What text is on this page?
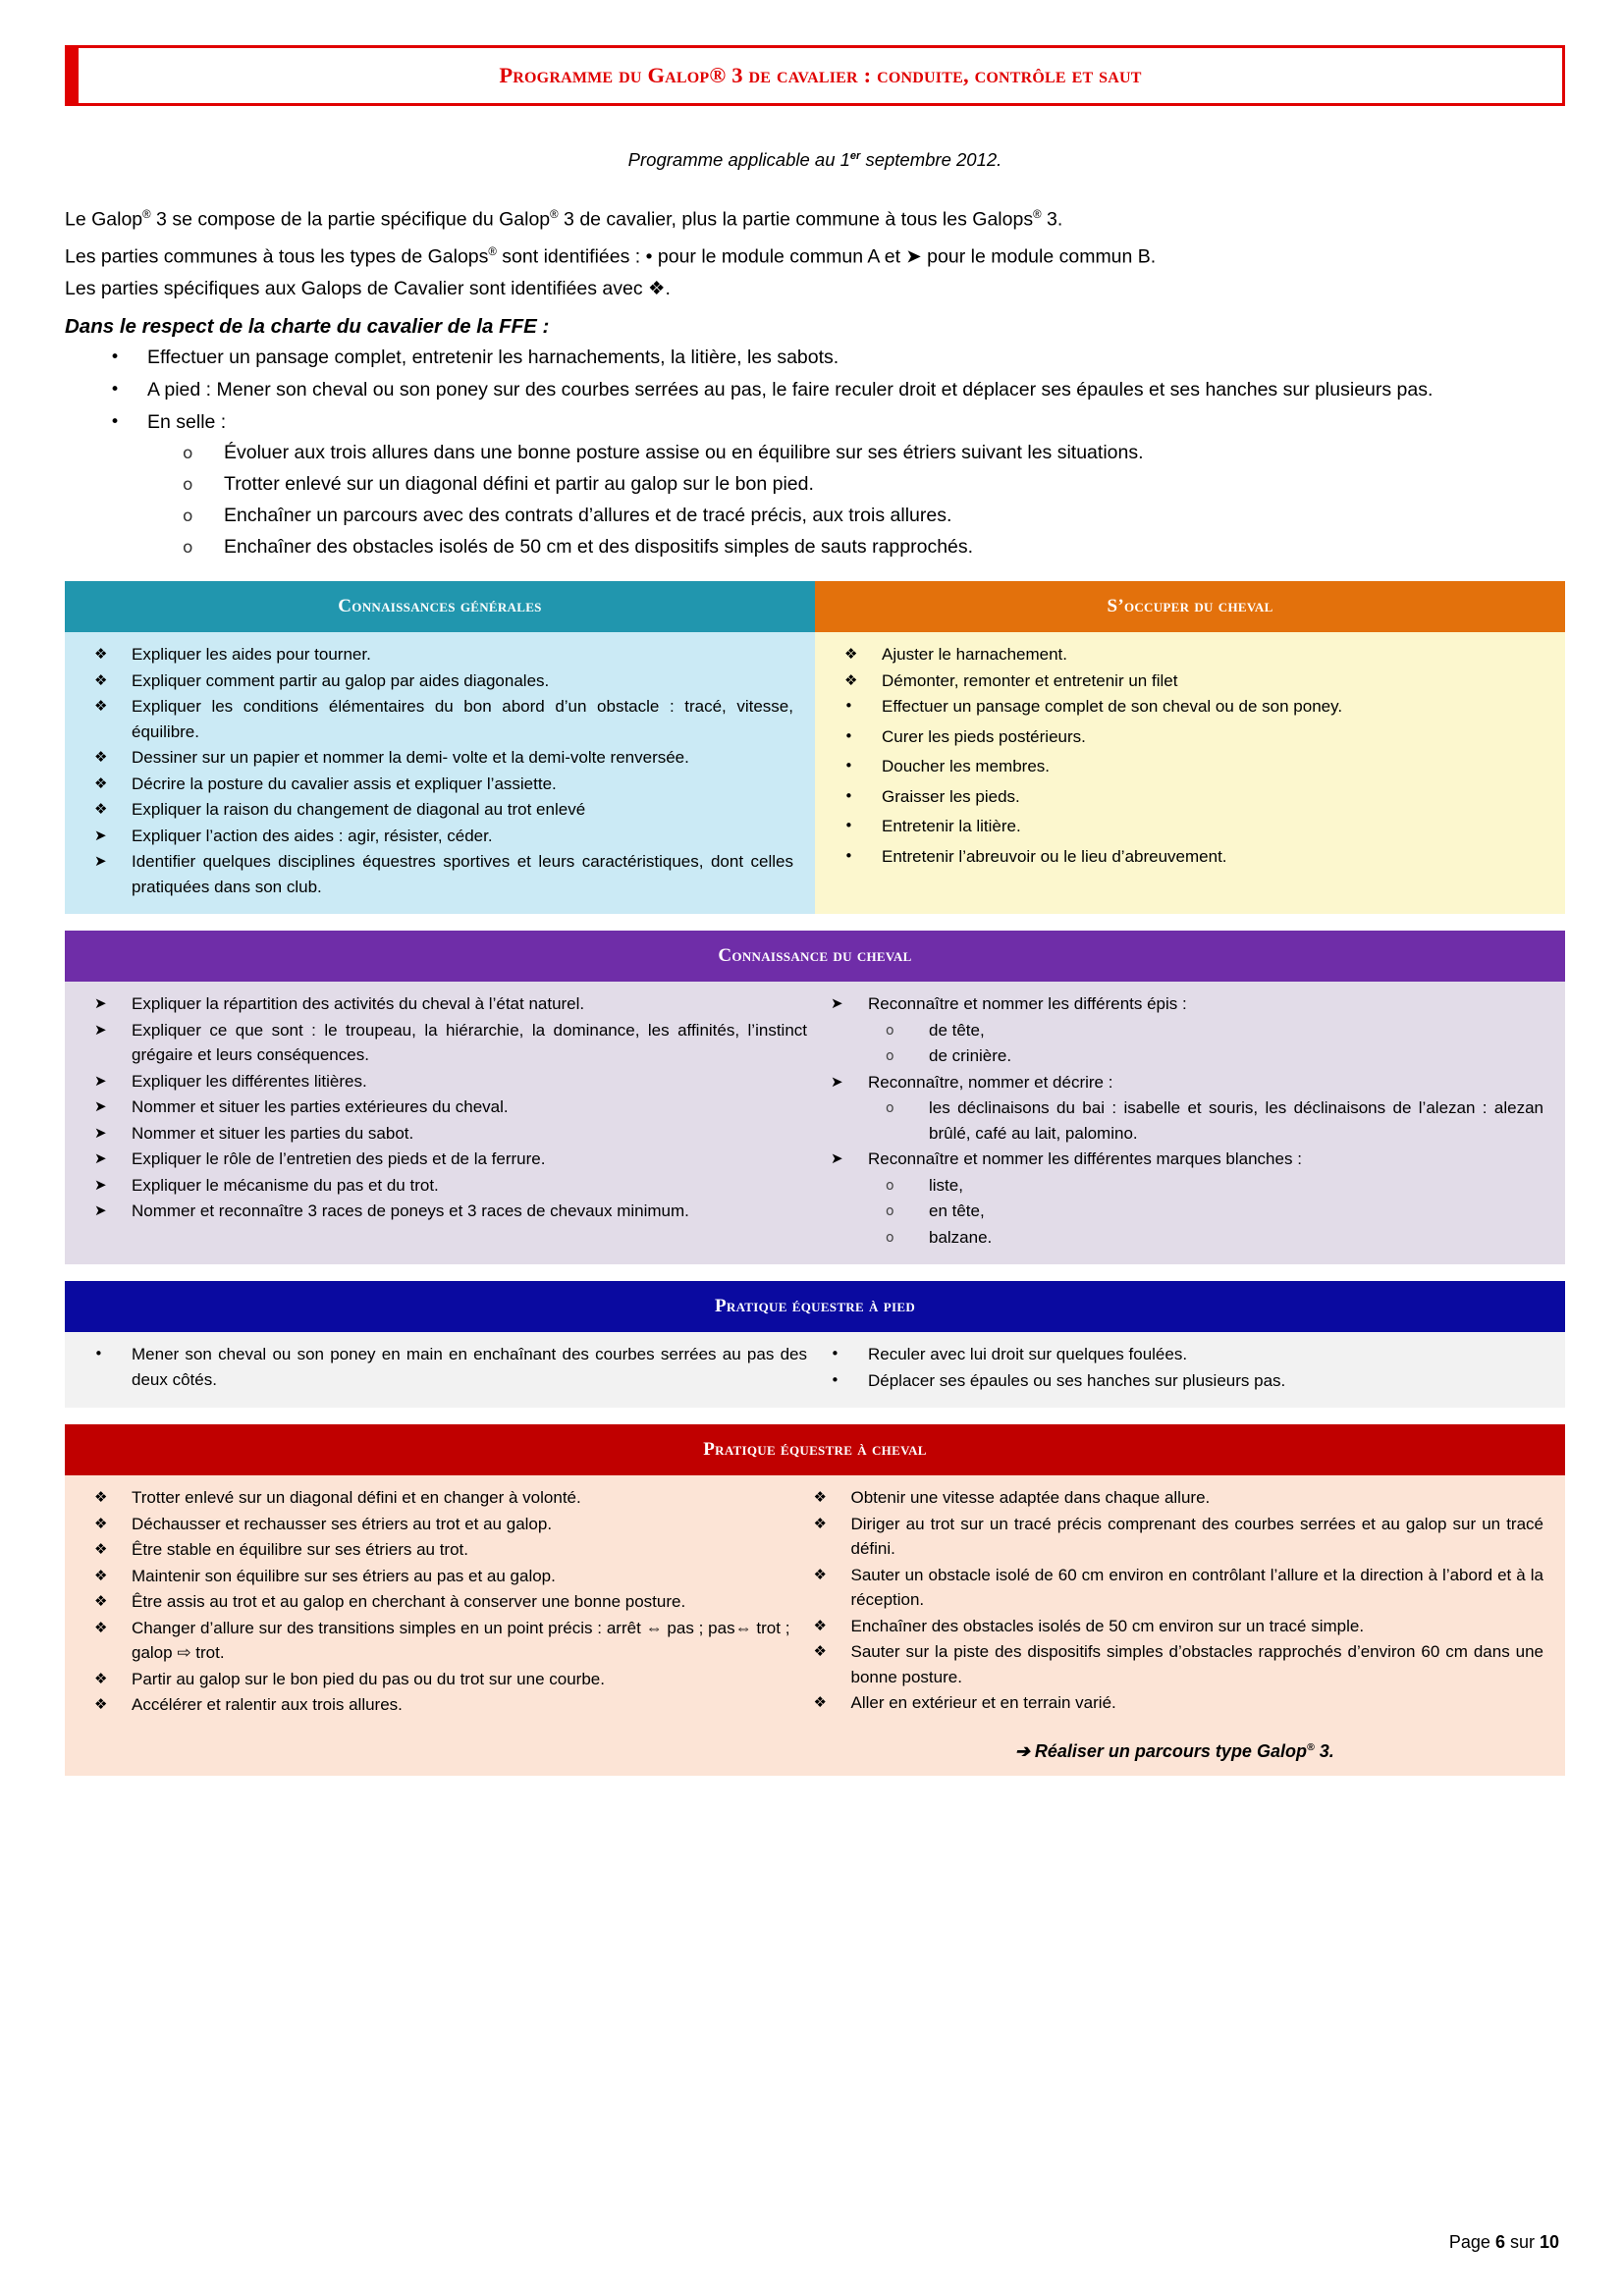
Programme du Galop® 3 de cavalier : conduite, contrôle et saut
Programme applicable au 1er septembre 2012.
Le Galop® 3 se compose de la partie spécifique du Galop® 3 de cavalier, plus la partie commune à tous les Galops® 3.
Les parties communes à tous les types de Galops® sont identifiées : • pour le module commun A et ➤ pour le module commun B.
Les parties spécifiques aux Galops de Cavalier sont identifiées avec ❖.
Dans le respect de la charte du cavalier de la FFE :
• Effectuer un pansage complet, entretenir les harnachements, la litière, les sabots.
• A pied : Mener son cheval ou son poney sur des courbes serrées au pas, le faire reculer droit et déplacer ses épaules et ses hanches sur plusieurs pas.
• En selle :
o Évoluer aux trois allures dans une bonne posture assise ou en équilibre sur ses étriers suivant les situations.
o Trotter enlevé sur un diagonal défini et partir au galop sur le bon pied.
o Enchaîner un parcours avec des contrats d’allures et de tracé précis, aux trois allures.
o Enchaîner des obstacles isolés de 50 cm et des dispositifs simples de sauts rapprochés.
Connaissances générales	S’occuper du cheval
❖	Expliquer les aides pour tourner.
❖	Expliquer comment partir au galop par aides diagonales.
❖	Expliquer les conditions élémentaires du bon abord d’un obstacle : tracé, vitesse, équilibre.
❖	Dessiner sur un papier et nommer la demi- volte et la demi-volte renversée.
❖	Décrire la posture du cavalier assis et expliquer l’assiette.
❖	Expliquer la raison du changement de diagonal au trot enlevé
➤	Expliquer l’action des aides : agir, résister, céder.
➤	Identifier quelques disciplines équestres sportives et leurs caractéristiques, dont celles pratiquées dans son club.
❖	Ajuster le harnachement.
❖	Démonter, remonter et entretenir un filet
•	Effectuer un pansage complet de son cheval ou de son poney.
•	Curer les pieds postérieurs.
•	Doucher les membres.
•	Graisser les pieds.
•	Entretenir la litière.
•	Entretenir l’abreuvoir ou le lieu d’abreuvement.
Connaissance du cheval
➤	Expliquer la répartition des activités du cheval à l’état naturel.
➤	Expliquer ce que sont : le troupeau, la hiérarchie, la dominance, les affinités, l’instinct grégaire et leurs conséquences.
➤	Expliquer les différentes litières.
➤	Nommer et situer les parties extérieures du cheval.
➤	Nommer et situer les parties du sabot.
➤	Expliquer le rôle de l’entretien des pieds et de la ferrure.
➤	Expliquer le mécanisme du pas et du trot.
➤	Nommer et reconnaître 3 races de poneys et 3 races de chevaux minimum.
➤	Reconnaître et nommer les différents épis :
o de tête,
o de crinière.
➤	Reconnaître, nommer et décrire :
o les déclinaisons du bai : isabelle et souris, les déclinaisons de l’alezan : alezan brûlé, café au lait, palomino.
➤	Reconnaître et nommer les différentes marques blanches :
o liste,
o en tête,
o balzane.
Pratique équestre à pied
•	Mener son cheval ou son poney en main en enchaînant des courbes serrées au pas des deux côtés.
•	Reculer avec lui droit sur quelques foulées.
•	Déplacer ses épaules ou ses hanches sur plusieurs pas.
Pratique équestre à cheval
❖	Trotter enlevé sur un diagonal défini et en changer à volonté.
❖	Déchausser et rechausser ses étriers au trot et au galop.
❖	Être stable en équilibre sur ses étriers au trot.
❖	Maintenir son équilibre sur ses étriers au pas et au galop.
❖	Être assis au trot et au galop en cherchant à conserver une bonne posture.
❖	Changer d’allure sur des transitions simples en un point précis : arrêt ⇔ pas ; pas⇔ trot ; galop ⇨ trot.
❖	Partir au galop sur le bon pied du pas ou du trot sur une courbe.
❖	Accélérer et ralentir aux trois allures.
❖	Obtenir une vitesse adaptée dans chaque allure.
❖	Diriger au trot sur un tracé précis comprenant des courbes serrées et au galop sur un tracé défini.
❖	Sauter un obstacle isolé de 60 cm environ en contrôlant l’allure et la direction à l’abord et à la réception.
❖	Enchaîner des obstacles isolés de 50 cm environ sur un tracé simple.
❖	Sauter sur la piste des dispositifs simples d’obstacles rapprochés d’environ 60 cm dans une bonne posture.
❖	Aller en extérieur et en terrain varié.
➔ Réaliser un parcours type Galop® 3.
Page 6 sur 10
